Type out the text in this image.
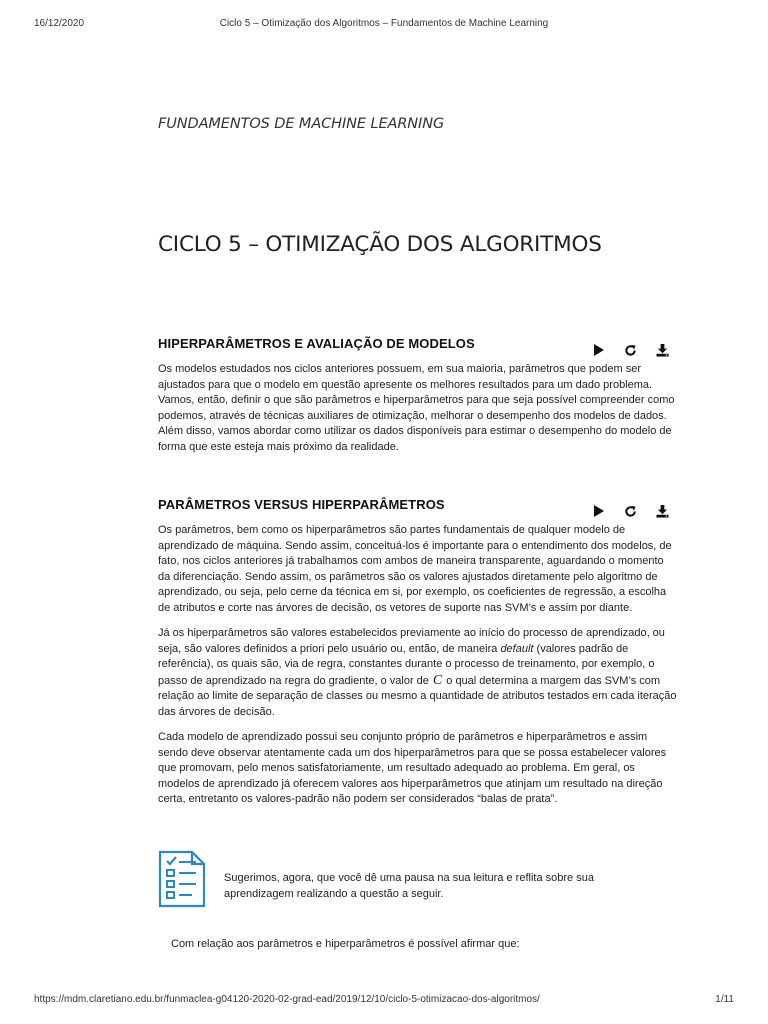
16/12/2020	Ciclo 5 – Otimização dos Algoritmos – Fundamentos de Machine Learning
FUNDAMENTOS DE MACHINE LEARNING
CICLO 5 – OTIMIZAÇÃO DOS ALGORITMOS
HIPERPARÂMETROS E AVALIAÇÃO DE MODELOS

Os modelos estudados nos ciclos anteriores possuem, em sua maioria, parâmetros que podem ser ajustados para que o modelo em questão apresente os melhores resultados para um dado problema. Vamos, então, definir o que são parâmetros e hiperparâmetros para que seja possível compreender como podemos, através de técnicas auxiliares de otimização, melhorar o desempenho dos modelos de dados. Além disso, vamos abordar como utilizar os dados disponíveis para estimar o desempenho do modelo de forma que este esteja mais próximo da realidade.

PARÂMETROS VERSUS HIPERPARÂMETROS

Os parâmetros, bem como os hiperparâmetros são partes fundamentais de qualquer modelo de aprendizado de máquina. Sendo assim, conceituá-los é importante para o entendimento dos modelos, de fato, nos ciclos anteriores já trabalhamos com ambos de maneira transparente, aguardando o momento da diferenciação. Sendo assim, os parâmetros são os valores ajustados diretamente pelo algoritmo de aprendizado, ou seja, pelo cerne da técnica em si, por exemplo, os coeficientes de regressão, a escolha de atributos e corte nas árvores de decisão, os vetores de suporte nas SVM’s e assim por diante.

Já os hiperparâmetros são valores estabelecidos previamente ao início do processo de aprendizado, ou seja, são valores definidos a priori pelo usuário ou, então, de maneira default (valores padrão de referência), os quais são, via de regra, constantes durante o processo de treinamento, por exemplo, o passo de aprendizado na regra do gradiente, o valor de C o qual determina a margem das SVM’s com relação ao limite de separação de classes ou mesmo a quantidade de atributos testados em cada iteração das árvores de decisão.

Cada modelo de aprendizado possui seu conjunto próprio de parâmetros e hiperparâmetros e assim sendo deve observar atentamente cada um dos hiperparâmetros para que se possa estabelecer valores que promovam, pelo menos satisfatoriamente, um resultado adequado ao problema. Em geral, os modelos de aprendizado já oferecem valores aos hiperparâmetros que atinjam um resultado na direção certa, entretanto os valores-padrão não podem ser considerados “balas de prata”.

Sugerimos, agora, que você dê uma pausa na sua leitura e reflita sobre sua aprendizagem realizando a questão a seguir.
Com relação aos parâmetros e hiperparâmetros é possível afirmar que:
https://mdm.claretiano.edu.br/funmaclea-g04120-2020-02-grad-ead/2019/12/10/ciclo-5-otimizacao-dos-algoritmos/	1/11
